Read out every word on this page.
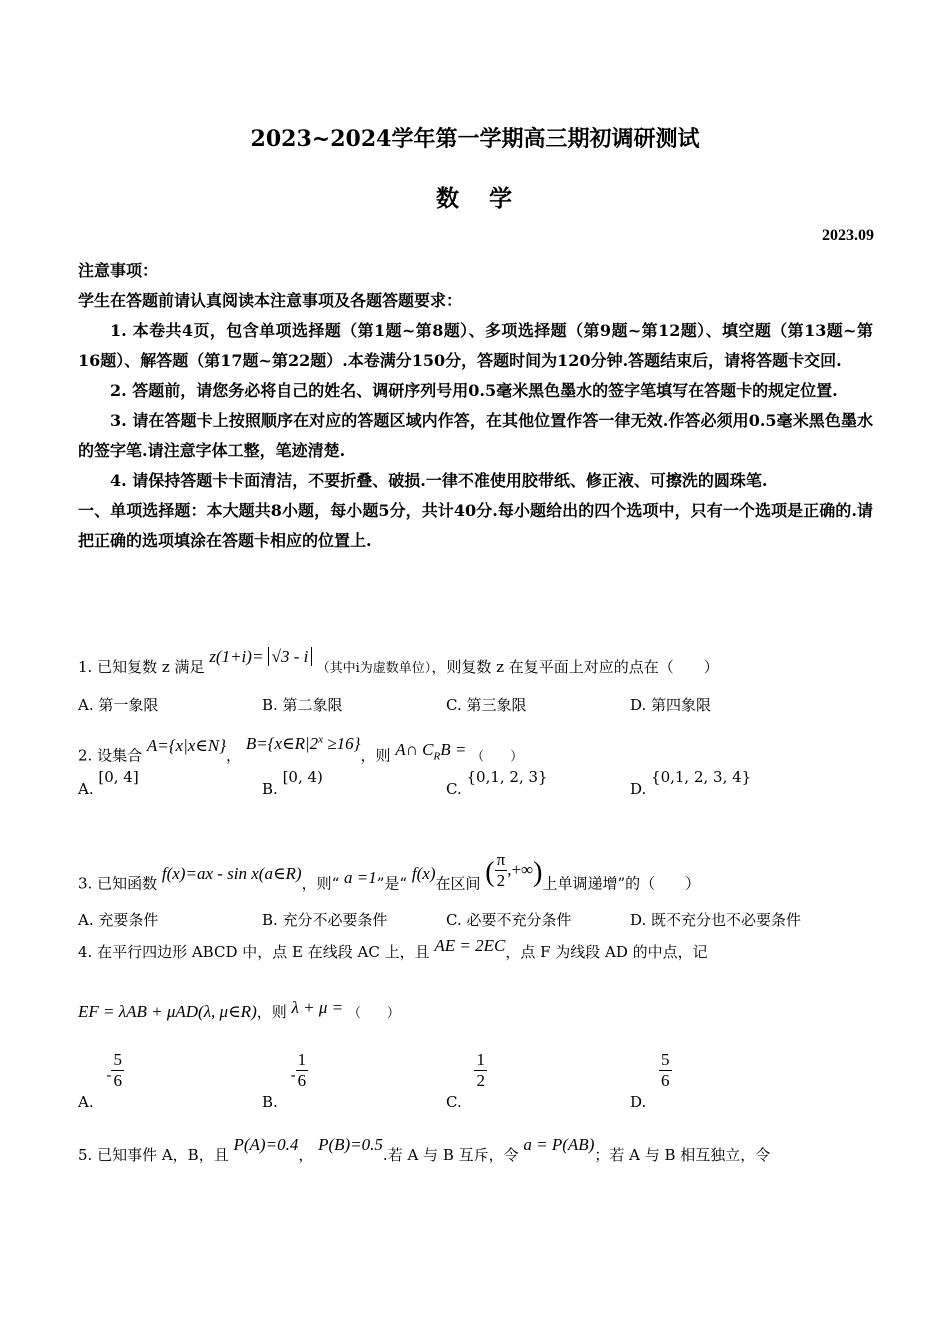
2023~2024学年第一学期高三期初调研测试
数 学
2023.09

注意事项：

学生在答题前请认真阅读本注意事项及各题答题要求：

1. 本卷共4页，包含单项选择题（第1题~第8题）、多项选择题（第9题~第12题）、填空题（第13题~第16题）、解答题（第17题~第22题）.本卷满分150分，答题时间为120分钟.答题结束后，请将答题卡交回.

2. 答题前，请您务必将自己的姓名、调研序列号用0.5毫米黑色墨水的签字笔填写在答题卡的规定位置.

3. 请在答题卡上按照顺序在对应的答题区域内作答，在其他位置作答一律无效.作答必须用0.5毫米黑色墨水的签字笔.请注意字体工整，笔迹清楚.

4. 请保持答题卡卡面清洁，不要折叠、破损.一律不准使用胶带纸、修正液、可擦洗的圆珠笔.

一、单项选择题：本大题共8小题，每小题5分，共计40分.每小题给出的四个选项中，只有一个选项是正确的.请把正确的选项填涂在答题卡相应的位置上.

1. 已知复数 z 满足 z(1+i)= √3 - i （其中i为虚数单位），则复数 z 在复平面上对应的点在（　　）
A. 第一象限	B. 第二象限	C. 第三象限	D. 第四象限
2. 设集合 A={x|x∈N}， $B=\{x\in R|2^x \ge 16\}$，则 A∩ $C_RB$ = （　　）
A. [0, 4]
B. [0, 4)
C. {0,1, 2, 3}
D. {0,1, 2, 3, 4}
3. 已知函数 f(x)=ax - sin x(a∈R)，则“ a =1”是“ f(x)在区间 ( $\frac{\pi}{2}$ ,+∞)上单调递增”的（　　）
A. 充要条件	B. 充分不必要条件	C. 必要不充分条件	D. 既不充分也不必要条件
4. 在平行四边形 ABCD 中，点 E 在线段 AC 上，且 AE = 2EC，点 F 为线段 AD 的中点，记
EF = λAB + μAD(λ, μ∈R)，则 λ + μ = （　　）
A. - $\frac{5}{6}$
B. - $\frac{1}{6}$
C.
$\frac{1}{2}$
D.
$\frac{5}{6}$
5. 已知事件 A，B，且 P(A)=0.4， P(B)=0.5.若 A 与 B 互斥，令 a = P(AB)；若 A 与 B 相互独立，令
